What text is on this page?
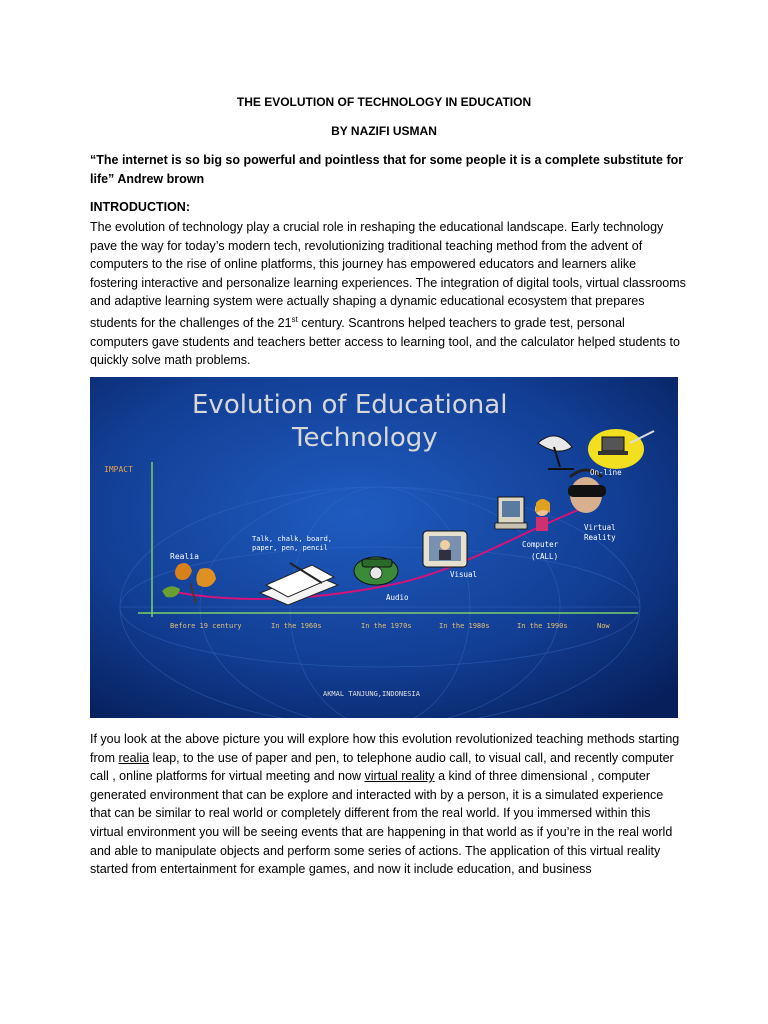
THE EVOLUTION OF TECHNOLOGY IN EDUCATION
BY NAZIFI USMAN
“The internet is so big so powerful and pointless that for some people it is a complete substitute for life” Andrew brown
INTRODUCTION:
The evolution of technology play a crucial role in reshaping the educational landscape. Early technology pave the way for today’s modern tech, revolutionizing traditional teaching method from the advent of computers to the rise of online platforms, this journey has empowered educators and learners alike fostering interactive and personalize learning experiences. The integration of digital tools, virtual classrooms and adaptive learning system were actually shaping a dynamic educational ecosystem that prepares students for the challenges of the 21st century. Scantrons helped teachers to grade test, personal computers gave students and teachers better access to learning tool, and the calculator helped students to quickly solve math problems.
Evolution of Educational
Technology
IMPACT
Before 19 century	In the 1960s	In the 1970s	In the 1980s	In the 1990s	Now
Realia
Talk, chalk, board,
paper, pen, pencil
Audio
Visual
Computer
(CALL)
Virtual
Reality
On-line
AKMAL TANJUNG,INDONESIA
If you look at the above picture you will explore how this evolution revolutionized teaching methods starting from realia leap, to the use of paper and pen, to telephone audio call, to visual call, and recently computer call , online platforms for virtual meeting and now virtual reality a kind of three dimensional , computer generated environment that can be explore and interacted with by a person, it is a simulated experience that can be similar to real world or completely different from the real world. If you immersed within this virtual environment you will be seeing events that are happening in that world as if you’re in the real world and able to manipulate objects and perform some series of actions. The application of this virtual reality started from entertainment for example games, and now it include education, and business
